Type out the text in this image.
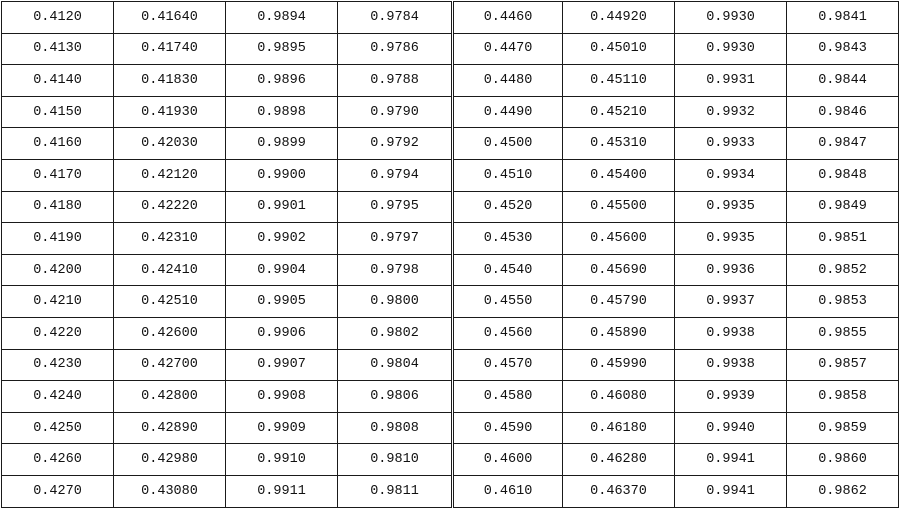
0.4120	0.41640	0.9894	0.9784	0.4460	0.44920	0.9930	0.9841
0.4130	0.41740	0.9895	0.9786	0.4470	0.45010	0.9930	0.9843
0.4140	0.41830	0.9896	0.9788	0.4480	0.45110	0.9931	0.9844
0.4150	0.41930	0.9898	0.9790	0.4490	0.45210	0.9932	0.9846
0.4160	0.42030	0.9899	0.9792	0.4500	0.45310	0.9933	0.9847
0.4170	0.42120	0.9900	0.9794	0.4510	0.45400	0.9934	0.9848
0.4180	0.42220	0.9901	0.9795	0.4520	0.45500	0.9935	0.9849
0.4190	0.42310	0.9902	0.9797	0.4530	0.45600	0.9935	0.9851
0.4200	0.42410	0.9904	0.9798	0.4540	0.45690	0.9936	0.9852
0.4210	0.42510	0.9905	0.9800	0.4550	0.45790	0.9937	0.9853
0.4220	0.42600	0.9906	0.9802	0.4560	0.45890	0.9938	0.9855
0.4230	0.42700	0.9907	0.9804	0.4570	0.45990	0.9938	0.9857
0.4240	0.42800	0.9908	0.9806	0.4580	0.46080	0.9939	0.9858
0.4250	0.42890	0.9909	0.9808	0.4590	0.46180	0.9940	0.9859
0.4260	0.42980	0.9910	0.9810	0.4600	0.46280	0.9941	0.9860
0.4270	0.43080	0.9911	0.9811	0.4610	0.46370	0.9941	0.9862
